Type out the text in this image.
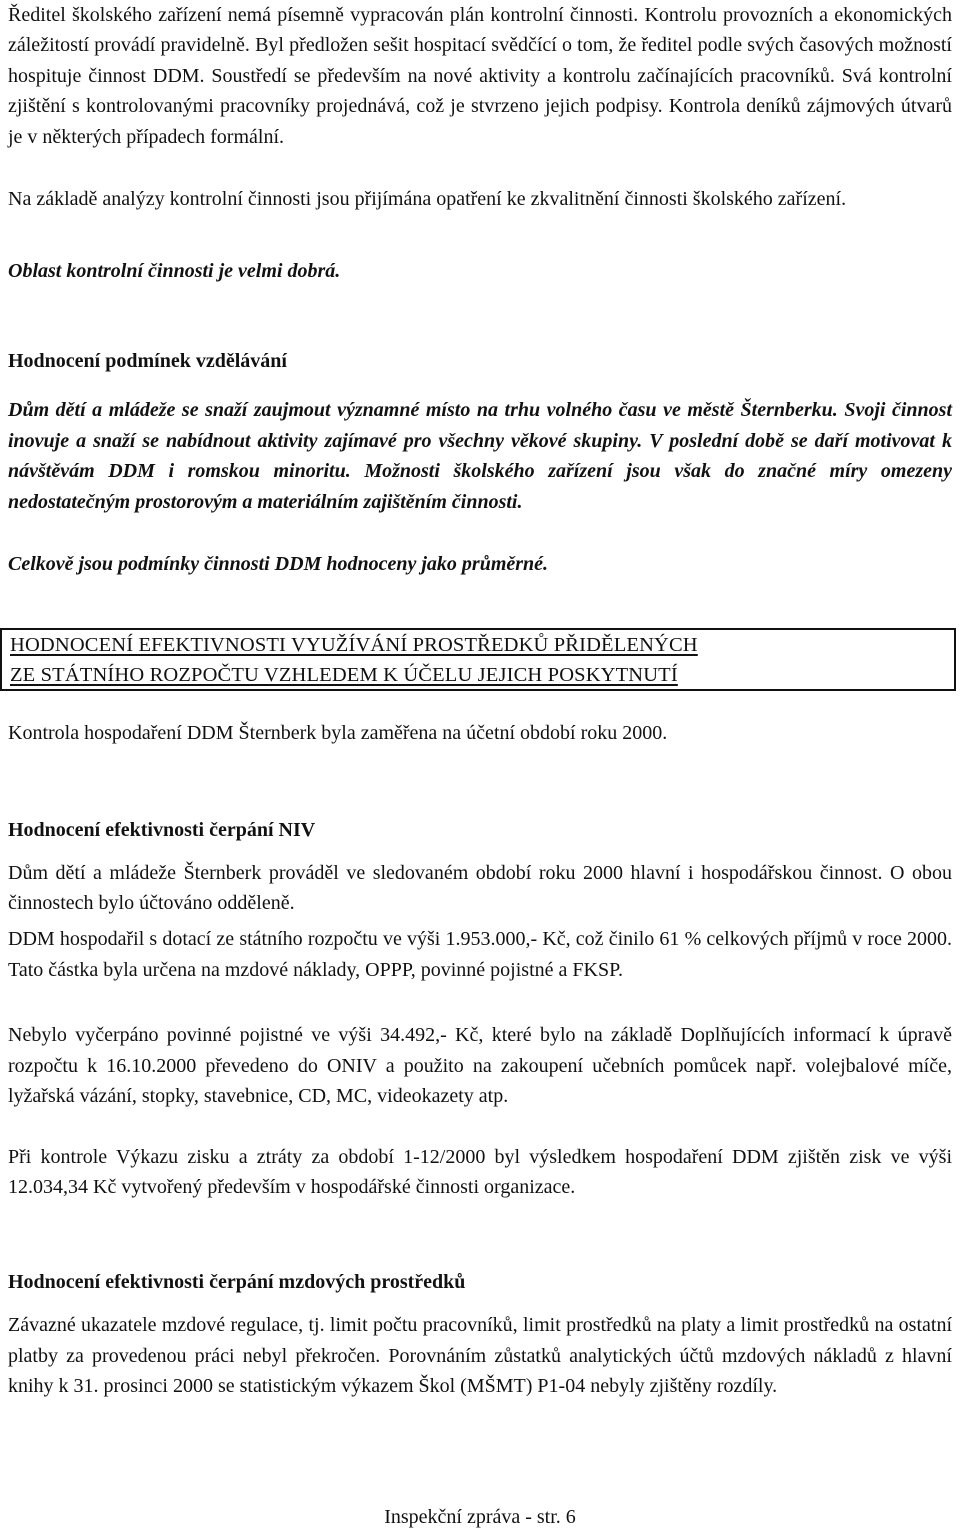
Ředitel školského zařízení nemá písemně vypracován plán kontrolní činnosti. Kontrolu provozních a ekonomických záležitostí provádí pravidelně. Byl předložen sešit hospitací svědčící o tom, že ředitel podle svých časových možností hospituje činnost DDM. Soustředí se především na nové aktivity a kontrolu začínajících pracovníků. Svá kontrolní zjištění s kontrolovanými pracovníky projednává, což je stvrzeno jejich podpisy. Kontrola deníků zájmových útvarů je v některých případech formální.

Na základě analýzy kontrolní činnosti jsou přijímána opatření ke zkvalitnění činnosti školského zařízení.

Oblast kontrolní činnosti je velmi dobrá.

Hodnocení podmínek vzdělávání

Dům dětí a mládeže se snaží zaujmout významné místo na trhu volného času ve městě Šternberku. Svoji činnost inovuje a snaží se nabídnout aktivity zajímavé pro všechny věkové skupiny. V poslední době se daří motivovat k návštěvám DDM i romskou minoritu. Možnosti školského zařízení jsou však do značné míry omezeny nedostatečným prostorovým a materiálním zajištěním činnosti.

Celkově jsou podmínky činnosti DDM hodnoceny jako průměrné.

HODNOCENÍ EFEKTIVNOSTI VYUŽÍVÁNÍ PROSTŘEDKŮ PŘIDĚLENÝCH
ZE STÁTNÍHO ROZPOČTU VZHLEDEM K ÚČELU JEJICH POSKYTNUTÍ

Kontrola hospodaření DDM Šternberk byla zaměřena na účetní období roku 2000.

Hodnocení efektivnosti čerpání NIV

Dům dětí a mládeže Šternberk prováděl ve sledovaném období roku 2000 hlavní i hospodářskou činnost. O obou činnostech bylo účtováno odděleně.

DDM hospodařil s dotací ze státního rozpočtu ve výši 1.953.000,- Kč, což činilo 61 % celkových příjmů v roce 2000. Tato částka byla určena na mzdové náklady, OPPP, povinné pojistné a FKSP.

Nebylo vyčerpáno povinné pojistné ve výši 34.492,- Kč, které bylo na základě Doplňujících informací k úpravě rozpočtu k 16.10.2000 převedeno do ONIV a použito na zakoupení učebních pomůcek např. volejbalové míče, lyžařská vázání, stopky, stavebnice, CD, MC, videokazety atp.

Při kontrole Výkazu zisku a ztráty za období 1-12/2000 byl výsledkem hospodaření DDM zjištěn zisk ve výši 12.034,34 Kč vytvořený především v hospodářské činnosti organizace.

Hodnocení efektivnosti čerpání mzdových prostředků

Závazné ukazatele mzdové regulace, tj. limit počtu pracovníků, limit prostředků na platy a limit prostředků na ostatní platby za provedenou práci nebyl překročen. Porovnáním zůstatků analytických účtů mzdových nákladů z hlavní knihy k 31. prosinci 2000 se statistickým výkazem Škol (MŠMT) P1-04 nebyly zjištěny rozdíly.

Inspekční zpráva - str. 6
